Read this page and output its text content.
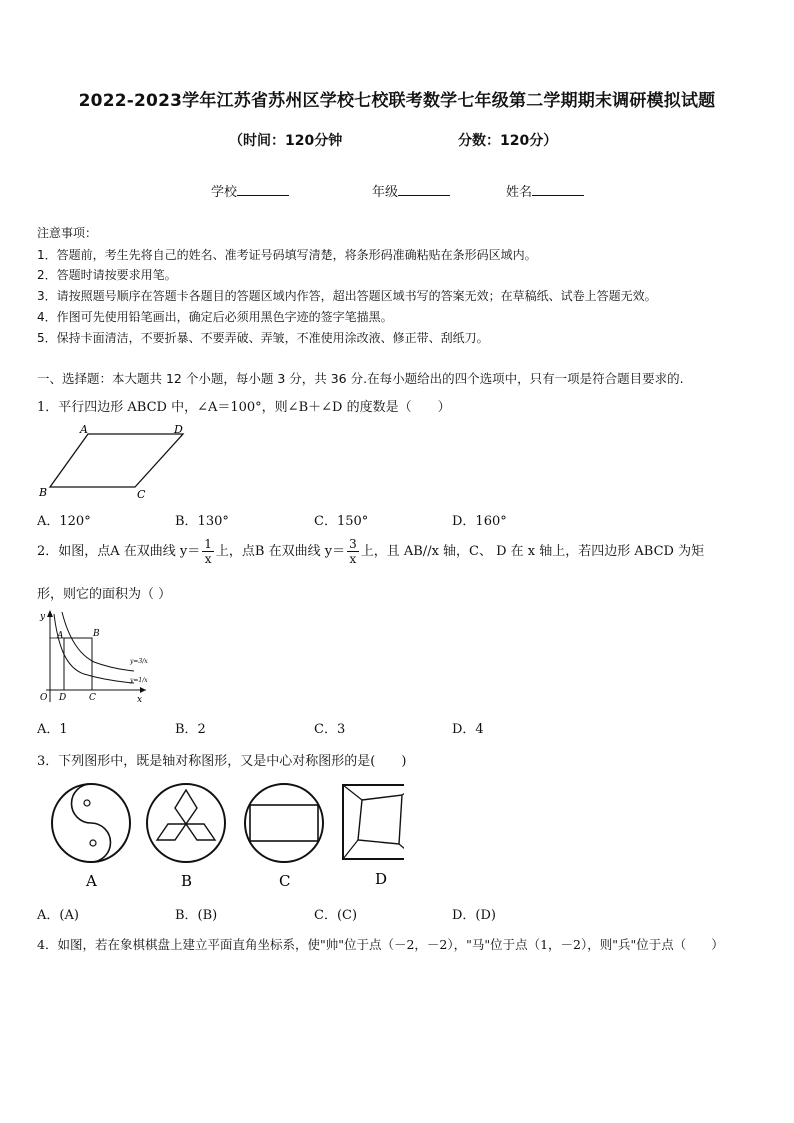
2022-2023学年江苏省苏州区学校七校联考数学七年级第二学期期末调研模拟试题
（时间：120分钟	分数：120分）
学校	年级	姓名
注意事项：
1．答题前，考生先将自己的姓名、准考证号码填写清楚，将条形码准确粘贴在条形码区域内。
2．答题时请按要求用笔。
3．请按照题号顺序在答题卡各题目的答题区域内作答，超出答题区域书写的答案无效；在草稿纸、试卷上答题无效。
4．作图可先使用铅笔画出，确定后必须用黑色字迹的签字笔描黑。
5．保持卡面清洁，不要折暴、不要弄破、弄皱，不准使用涂改液、修正带、刮纸刀。
一、选择题：本大题共 12 个小题，每小题 3 分，共 36 分.在每小题给出的四个选项中，只有一项是符合题目要求的.
1．平行四边形 ABCD 中，∠A＝100°，则∠B＋∠D 的度数是（　　）
A	D
B	C
A．120°	B．130°	C．150°	D．160°
2．如图，点A 在双曲线 $y= \frac{1}{x}$ 上，点B 在双曲线 $y= \frac{3}{x}$ 上，且 AB//x 轴，C、 D 在 x 轴上，若四边形 ABCD 为矩
形，则它的面积为（ ）
y
x
O
A	B
D	C
y=3/x
y=1/x
A．1	B．2	C．3	D．4
3．下列图形中，既是轴对称图形，又是中心对称图形的是(　　)
A	B	C	D
A．(A)	B．(B)	C．(C)	D．(D)
4．如图，若在象棋棋盘上建立平面直角坐标系，使"帅"位于点（－2，－2），"马"位于点（1，－2），则"兵"位于点（　　）
